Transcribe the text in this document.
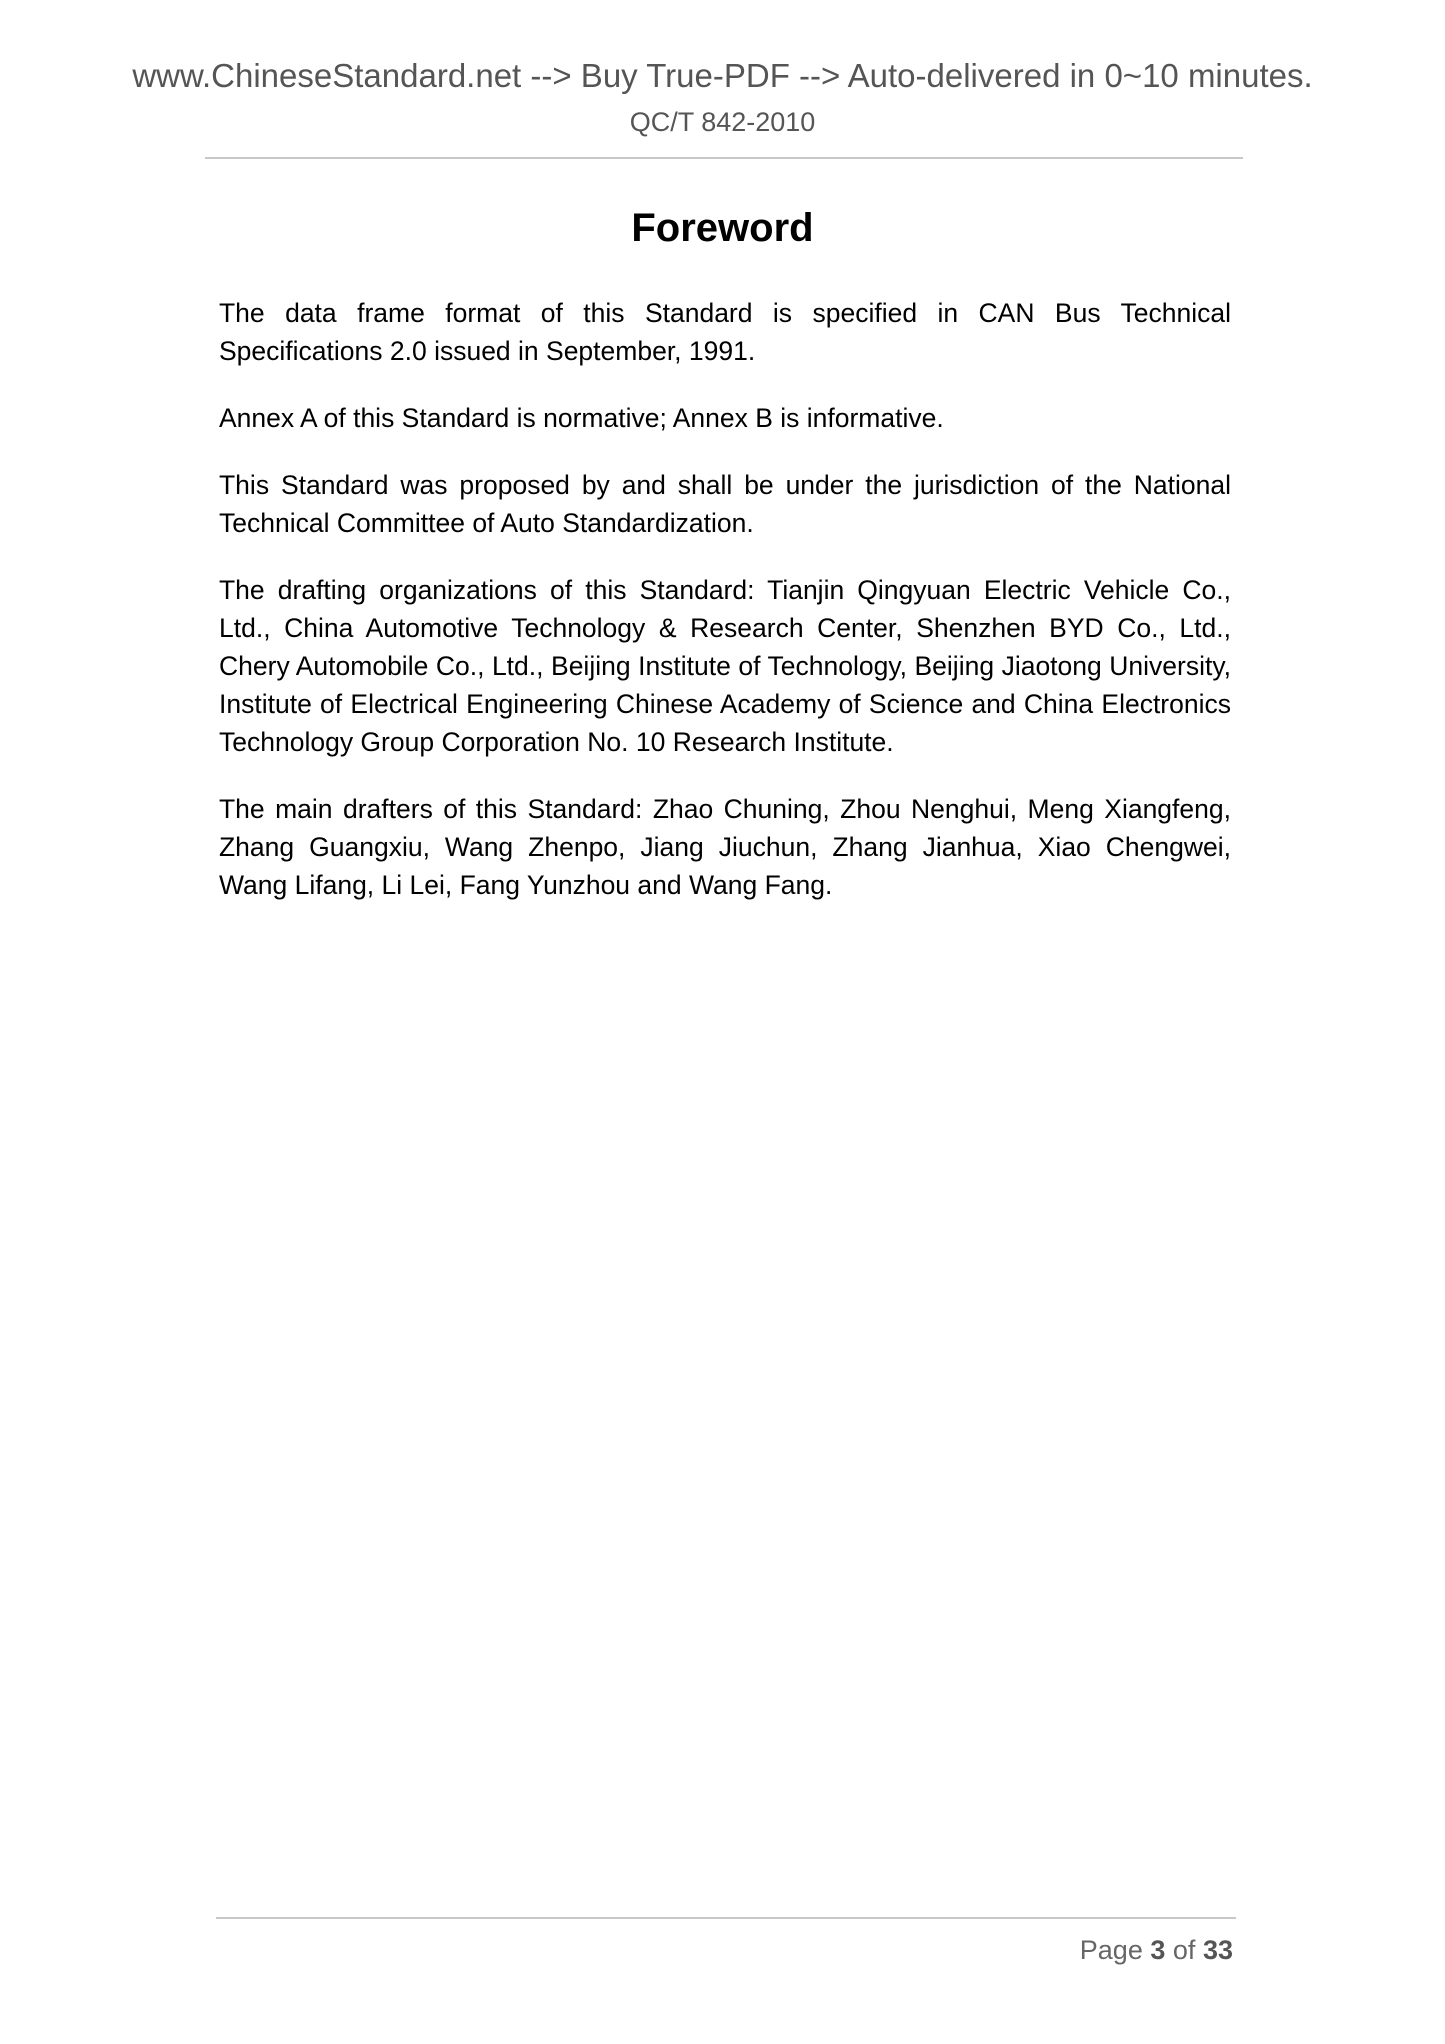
www.ChineseStandard.net --> Buy True-PDF --> Auto-delivered in 0~10 minutes.
QC/T 842-2010
Foreword

The data frame format of this Standard is specified in CAN Bus Technical Specifications 2.0 issued in September, 1991.

Annex A of this Standard is normative; Annex B is informative.

This Standard was proposed by and shall be under the jurisdiction of the National Technical Committee of Auto Standardization.

The drafting organizations of this Standard: Tianjin Qingyuan Electric Vehicle Co., Ltd., China Automotive Technology & Research Center, Shenzhen BYD Co., Ltd., Chery Automobile Co., Ltd., Beijing Institute of Technology, Beijing Jiaotong University, Institute of Electrical Engineering Chinese Academy of Science and China Electronics Technology Group Corporation No. 10 Research Institute.

The main drafters of this Standard: Zhao Chuning, Zhou Nenghui, Meng Xiangfeng, Zhang Guangxiu, Wang Zhenpo, Jiang Jiuchun, Zhang Jianhua, Xiao Chengwei, Wang Lifang, Li Lei, Fang Yunzhou and Wang Fang.

Page 3 of 33
